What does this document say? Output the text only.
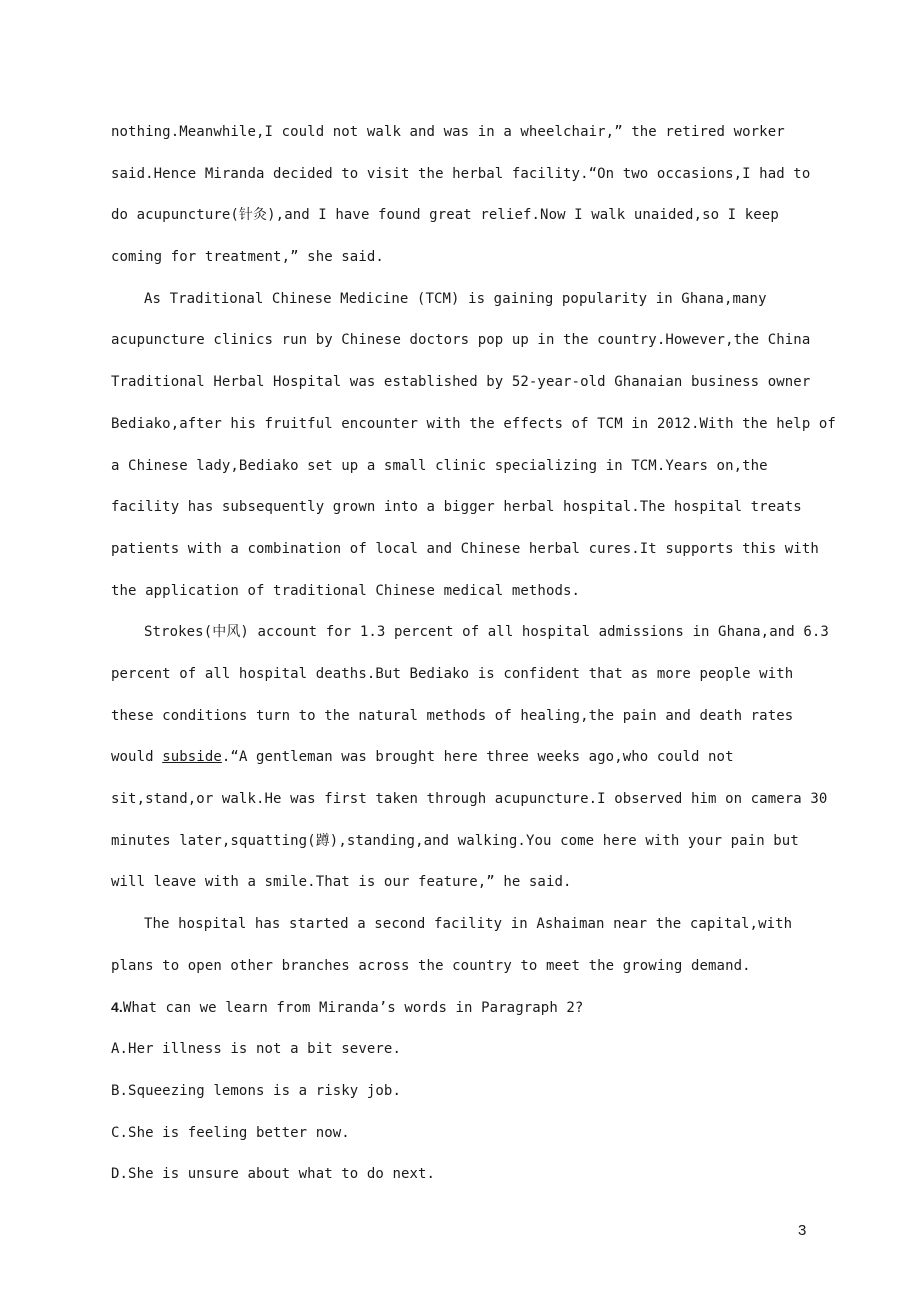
nothing.Meanwhile,I could not walk and was in a wheelchair,” the retired worker
said.Hence Miranda decided to visit the herbal facility.“On two occasions,I had to
do acupuncture(针灸),and I have found great relief.Now I walk unaided,so I keep
coming for treatment,” she said.
As Traditional Chinese Medicine (TCM) is gaining popularity in Ghana,many
acupuncture clinics run by Chinese doctors pop up in the country.However,the China
Traditional Herbal Hospital was established by 52-year-old Ghanaian business owner
Bediako,after his fruitful encounter with the effects of TCM in 2012.With the help of
a Chinese lady,Bediako set up a small clinic specializing in TCM.Years on,the
facility has subsequently grown into a bigger herbal hospital.The hospital treats
patients with a combination of local and Chinese herbal cures.It supports this with
the application of traditional Chinese medical methods.
Strokes(中风) account for 1.3 percent of all hospital admissions in Ghana,and 6.3
percent of all hospital deaths.But Bediako is confident that as more people with
these conditions turn to the natural methods of healing,the pain and death rates
would subside.“A gentleman was brought here three weeks ago,who could not
sit,stand,or walk.He was first taken through acupuncture.I observed him on camera 30
minutes later,squatting(蹲),standing,and walking.You come here with your pain but
will leave with a smile.That is our feature,” he said.
The hospital has started a second facility in Ashaiman near the capital,with
plans to open other branches across the country to meet the growing demand.
4.What can we learn from Miranda’s words in Paragraph 2?
A.Her illness is not a bit severe.
B.Squeezing lemons is a risky job.
C.She is feeling better now.
D.She is unsure about what to do next.
3
